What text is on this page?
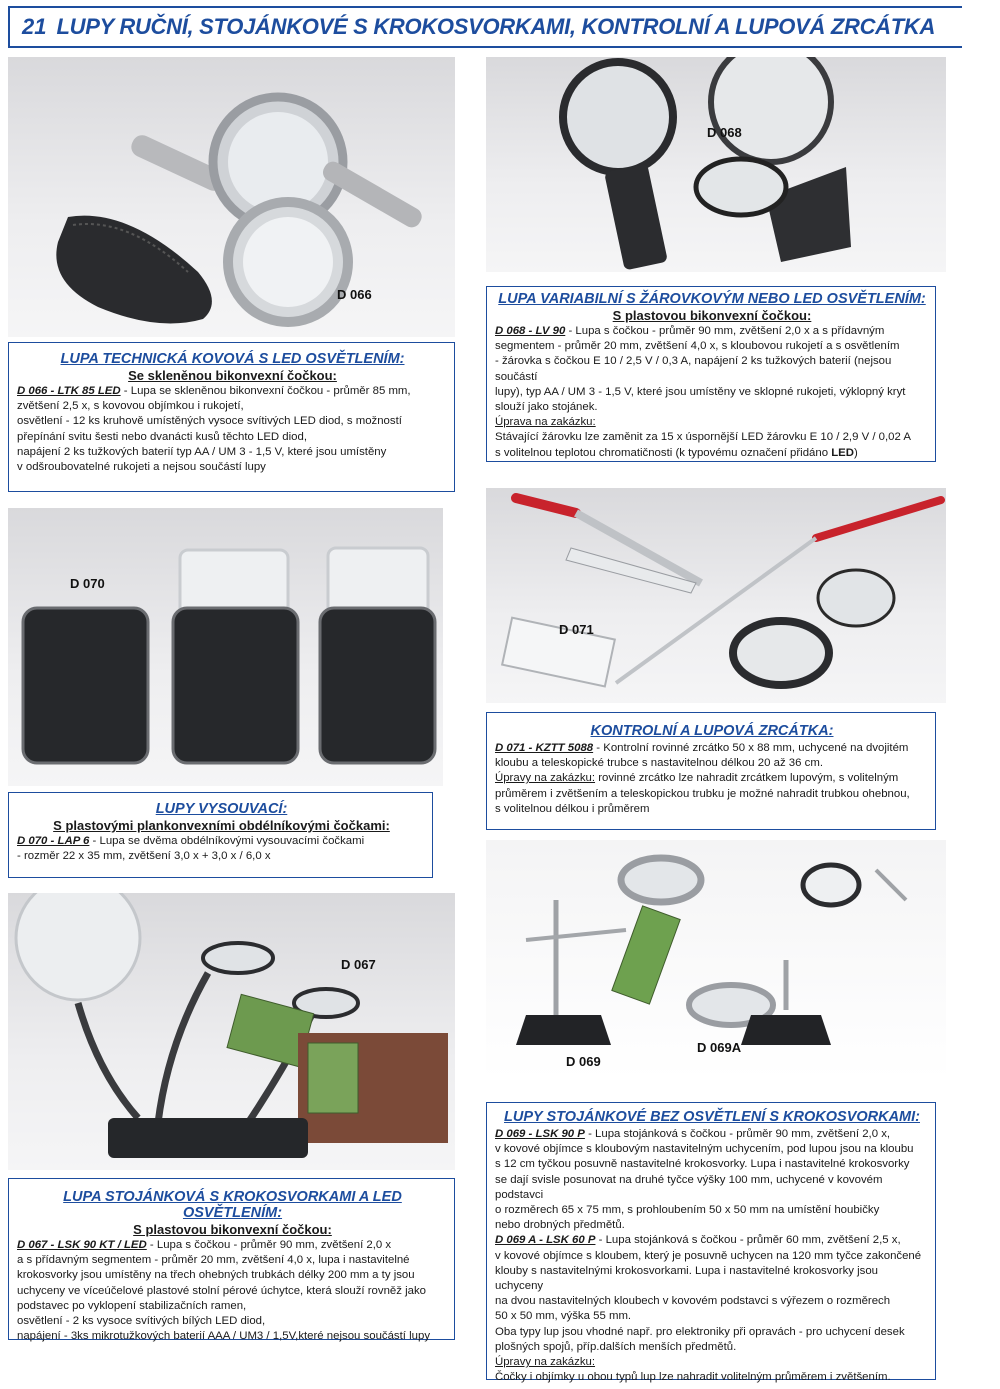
21 LUPY RUČNÍ, STOJÁNKOVÉ S KROKOSVORKAMI, KONTROLNÍ A LUPOVÁ ZRCÁTKA
D 066

LUPA TECHNICKÁ KOVOVÁ S LED OSVĚTLENÍM:

Se skleněnou bikonvexní čočkou:

D 066 - LTK 85 LED - Lupa se skleněnou bikonvexní čočkou - průměr 85 mm,
zvětšení 2,5 x, s kovovou objímkou i rukojetí,
osvětlení - 12 ks kruhově umístěných vysoce svítivých LED diod, s možností
přepínání svitu šesti nebo dvanácti kusů těchto LED diod,
napájení 2 ks tužkových baterií typ AA / UM 3 - 1,5 V, které jsou umístěny
v odšroubovatelné rukojeti a nejsou součástí lupy

D 068

LUPA VARIABILNÍ S ŽÁROVKOVÝM NEBO LED OSVĚTLENÍM:

S plastovou bikonvexní čočkou:

D 068 - LV 90 - Lupa s čočkou - průměr 90 mm, zvětšení 2,0 x a s přídavným
segmentem - průměr 20 mm, zvětšení 4,0 x, s kloubovou rukojetí a s osvětlením
- žárovka s čočkou E 10 / 2,5 V / 0,3 A, napájení 2 ks tužkových baterií (nejsou součástí
lupy), typ AA / UM 3 - 1,5 V, které jsou umístěny ve sklopné rukojeti, výklopný kryt
slouží jako stojánek.
Úprava na zakázku:
Stávající žárovku lze zaměnit za 15 x úspornější LED žárovku E 10 / 2,9 V / 0,02 A
s volitelnou teplotou chromatičnosti (k typovému označení přidáno LED)

D 070

LUPY VYSOUVACÍ:

S plastovými plankonvexními obdélníkovými čočkami:

D 070 - LAP 6 - Lupa se dvěma obdélníkovými vysouvacími čočkami
- rozměr 22 x 35 mm, zvětšení 3,0 x + 3,0 x / 6,0 x

D 071

KONTROLNÍ A LUPOVÁ ZRCÁTKA:

D 071 - KZTT 5088 - Kontrolní rovinné zrcátko 50 x 88 mm, uchycené na dvojitém
kloubu a teleskopické trubce s nastavitelnou délkou 20 až 36 cm.
Úpravy na zakázku: rovinné zrcátko lze nahradit zrcátkem lupovým, s volitelným
průměrem i zvětšením a teleskopickou trubku je možné nahradit trubkou ohebnou,
s volitelnou délkou i průměrem

D 067

LUPA STOJÁNKOVÁ S KROKOSVORKAMI A LED OSVĚTLENÍM:

S plastovou bikonvexní čočkou:

D 067 - LSK 90 KT / LED - Lupa s čočkou - průměr 90 mm, zvětšení 2,0 x
a s přídavným segmentem - průměr 20 mm, zvětšení 4,0 x, lupa i nastavitelné
krokosvorky jsou umístěny na třech ohebných trubkách délky 200 mm a ty jsou
uchyceny ve víceúčelové plastové stolní pérové úchytce, která slouží rovněž jako
podstavec po vyklopení stabilizačních ramen,
osvětlení - 2 ks vysoce svítivých bílých LED diod,
napájení - 3ks mikrotužkových baterií AAA / UM3 / 1,5V,které nejsou součástí lupy

D 069
D 069A

LUPY STOJÁNKOVÉ BEZ OSVĚTLENÍ S KROKOSVORKAMI:

D 069 - LSK 90 P - Lupa stojánková s čočkou - průměr 90 mm, zvětšení 2,0 x,
v kovové objímce s kloubovým nastavitelným uchycením, pod lupou jsou na kloubu
s 12 cm tyčkou posuvně nastavitelné krokosvorky. Lupa i nastavitelné krokosvorky
se dají svisle posunovat na druhé tyčce výšky 100 mm, uchycené v kovovém podstavci
o rozměrech 65 x 75 mm, s prohloubením 50 x 50 mm na umístění houbičky
nebo drobných předmětů.
D 069 A - LSK 60 P - Lupa stojánková s čočkou - průměr 60 mm, zvětšení 2,5 x,
v kovové objímce s kloubem, který je posuvně uchycen na 120 mm tyčce zakončené
klouby s nastavitelnými krokosvorkami. Lupa i nastavitelné krokosvorky jsou uchyceny
na dvou nastavitelných kloubech v kovovém podstavci s výřezem o rozměrech
50 x 50 mm, výška 55 mm.
Oba typy lup jsou vhodné např. pro elektroniky při opravách - pro uchycení desek
plošných spojů, příp.dalších menších předmětů.
Úpravy na zakázku:
Čočky i objímky u obou typů lup lze nahradit volitelným průměrem i zvětšením.
